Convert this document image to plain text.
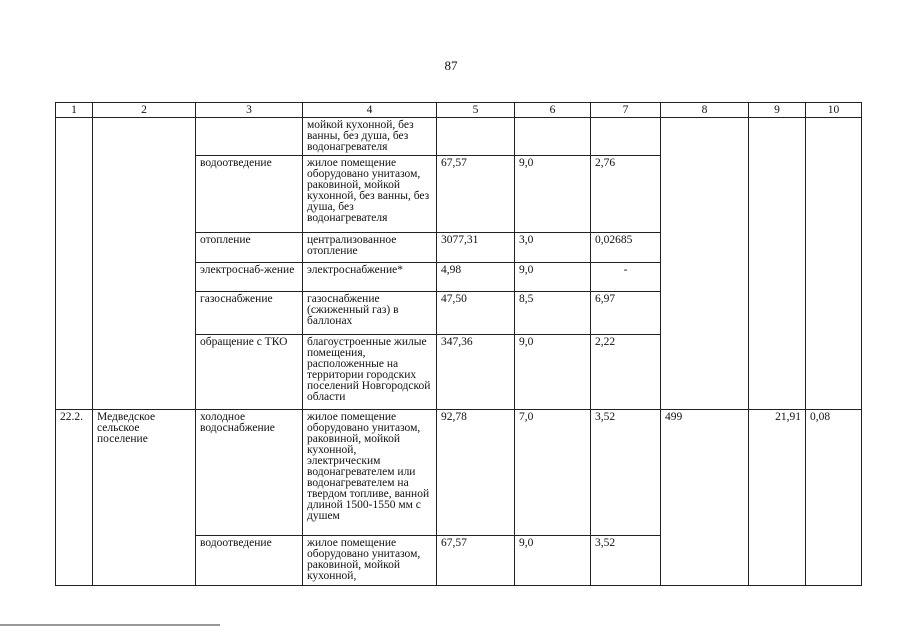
87
1	2	3	4	5	6	7	8	9	10
			мойкой кухонной, без ванны, без душа, без водонагревателя						
		водоотведение	жилое помещение оборудовано унитазом, раковиной, мойкой кухонной, без ванны, без душа, без водонагревателя	67,57	9,0	2,76			
		отопление	централизованное отопление	3077,31	3,0	0,02685			
		электроснаб-жение	электроснабжение*	4,98	9,0	-			
		газоснабжение	газоснабжение (сжиженный газ) в баллонах	47,50	8,5	6,97			
		обращение с ТКО	благоустроенные жилые помещения, расположенные на территории городских поселений Новгородской области	347,36	9,0	2,22			
22.2.	Медведское сельское поселение	холодное водоснабжение	жилое помещение оборудовано унитазом, раковиной, мойкой кухонной, электрическим водонагревателем или водонагревателем на твердом топливе, ванной длиной 1500-1550 мм с душем	92,78	7,0	3,52	499	21,91	0,08
		водоотведение	жилое помещение оборудовано унитазом, раковиной, мойкой кухонной,	67,57	9,0	3,52			
